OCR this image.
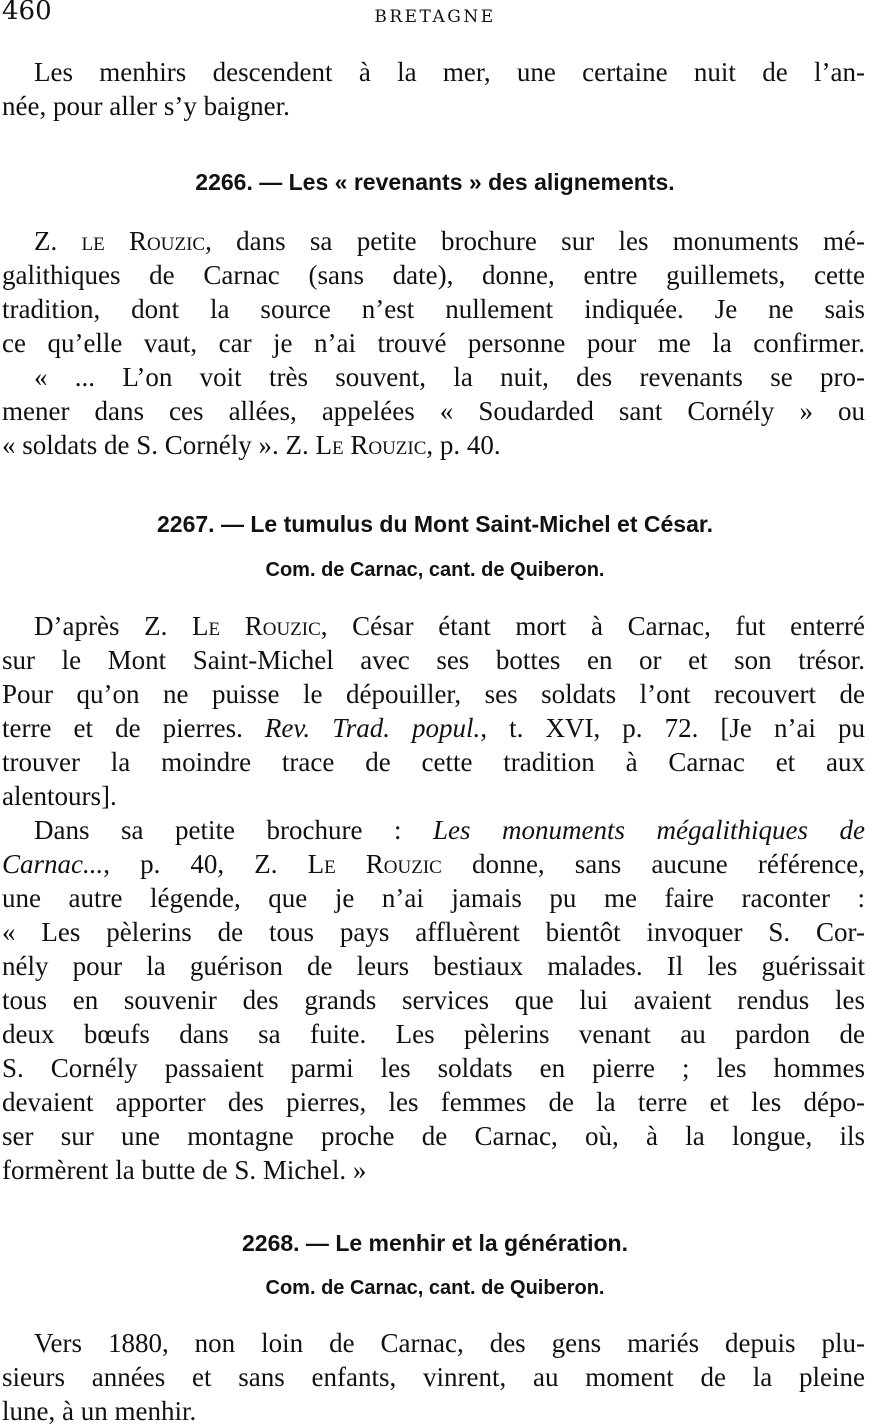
460	BRETAGNE

Les menhirs descendent à la mer, une certaine nuit de l’an-

née, pour aller s’y baigner.

2266. — Les « revenants » des alignements.

Z. le Rouzic, dans sa petite brochure sur les monuments mé-

galithiques de Carnac (sans date), donne, entre guillemets, cette

tradition, dont la source n’est nullement indiquée. Je ne sais

ce qu’elle vaut, car je n’ai trouvé personne pour me la confirmer.

« ... L’on voit très souvent, la nuit, des revenants se pro-

mener dans ces allées, appelées « Soudarded sant Cornély » ou

« soldats de S. Cornély ». Z. Le Rouzic, p. 40.

2267. — Le tumulus du Mont Saint-Michel et César.
Com. de Carnac, cant. de Quiberon.

D’après Z. Le Rouzic, César étant mort à Carnac, fut enterré

sur le Mont Saint-Michel avec ses bottes en or et son trésor.

Pour qu’on ne puisse le dépouiller, ses soldats l’ont recouvert de

terre et de pierres. Rev. Trad. popul., t. XVI, p. 72. [Je n’ai pu

trouver la moindre trace de cette tradition à Carnac et aux

alentours].

Dans sa petite brochure : Les monuments mégalithiques de

Carnac..., p. 40, Z. Le Rouzic donne, sans aucune référence,

une autre légende, que je n’ai jamais pu me faire raconter :

« Les pèlerins de tous pays affluèrent bientôt invoquer S. Cor-

nély pour la guérison de leurs bestiaux malades. Il les guérissait

tous en souvenir des grands services que lui avaient rendus les

deux bœufs dans sa fuite. Les pèlerins venant au pardon de

S. Cornély passaient parmi les soldats en pierre ; les hommes

devaient apporter des pierres, les femmes de la terre et les dépo-

ser sur une montagne proche de Carnac, où, à la longue, ils

formèrent la butte de S. Michel. »

2268. — Le menhir et la génération.
Com. de Carnac, cant. de Quiberon.

Vers 1880, non loin de Carnac, des gens mariés depuis plu-

sieurs années et sans enfants, vinrent, au moment de la pleine

lune, à un menhir.
